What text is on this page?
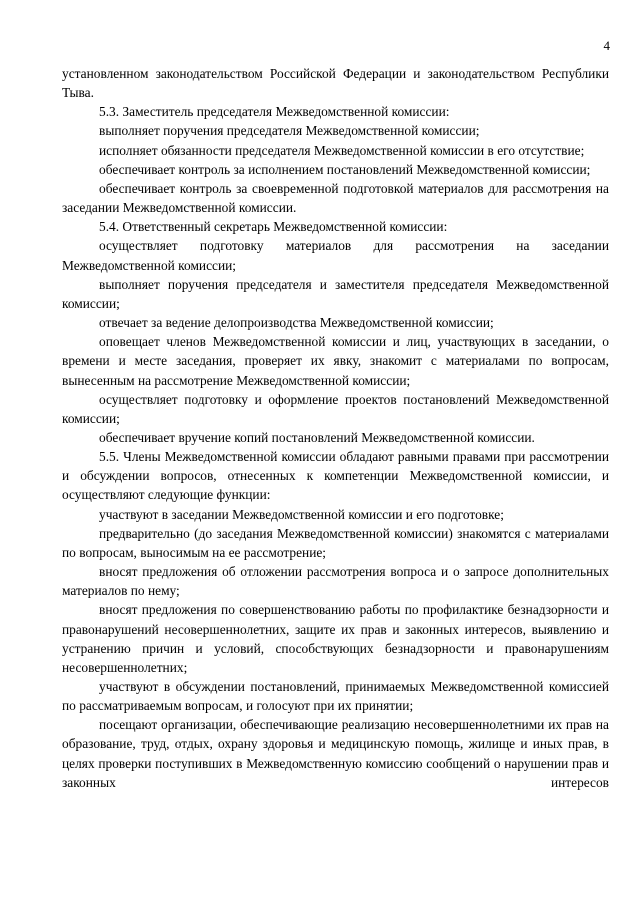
4

установленном законодательством Российской Федерации и законодательством Республики Тыва.

5.3. Заместитель председателя Межведомственной комиссии:

выполняет поручения председателя Межведомственной комиссии;

исполняет обязанности председателя Межведомственной комиссии в его отсутствие;

обеспечивает контроль за исполнением постановлений Межведомственной комиссии;

обеспечивает контроль за своевременной подготовкой материалов для рассмотрения на заседании Межведомственной комиссии.

5.4. Ответственный секретарь Межведомственной комиссии:

осуществляет подготовку материалов для рассмотрения на заседании Межведомственной комиссии;

выполняет поручения председателя и заместителя председателя Межведомственной комиссии;

отвечает за ведение делопроизводства Межведомственной комиссии;

оповещает членов Межведомственной комиссии и лиц, участвующих в заседании, о времени и месте заседания, проверяет их явку, знакомит с материалами по вопросам, вынесенным на рассмотрение Межведомственной комиссии;

осуществляет подготовку и оформление проектов постановлений Межведомственной комиссии;

обеспечивает вручение копий постановлений Межведомственной комиссии.

5.5. Члены Межведомственной комиссии обладают равными правами при рассмотрении и обсуждении вопросов, отнесенных к компетенции Межведомственной комиссии, и осуществляют следующие функции:

участвуют в заседании Межведомственной комиссии и его подготовке;

предварительно (до заседания Межведомственной комиссии) знакомятся с материалами по вопросам, выносимым на ее рассмотрение;

вносят предложения об отложении рассмотрения вопроса и о запросе дополнительных материалов по нему;

вносят предложения по совершенствованию работы по профилактике безнадзорности и правонарушений несовершеннолетних, защите их прав и законных интересов, выявлению и устранению причин и условий, способствующих безнадзорности и правонарушениям несовершеннолетних;

участвуют в обсуждении постановлений, принимаемых Межведомственной комиссией по рассматриваемым вопросам, и голосуют при их принятии;

посещают организации, обеспечивающие реализацию несовершеннолетними их прав на образование, труд, отдых, охрану здоровья и медицинскую помощь, жилище и иных прав, в целях проверки поступивших в Межведомственную комиссию сообщений о нарушении прав и законных интересов
